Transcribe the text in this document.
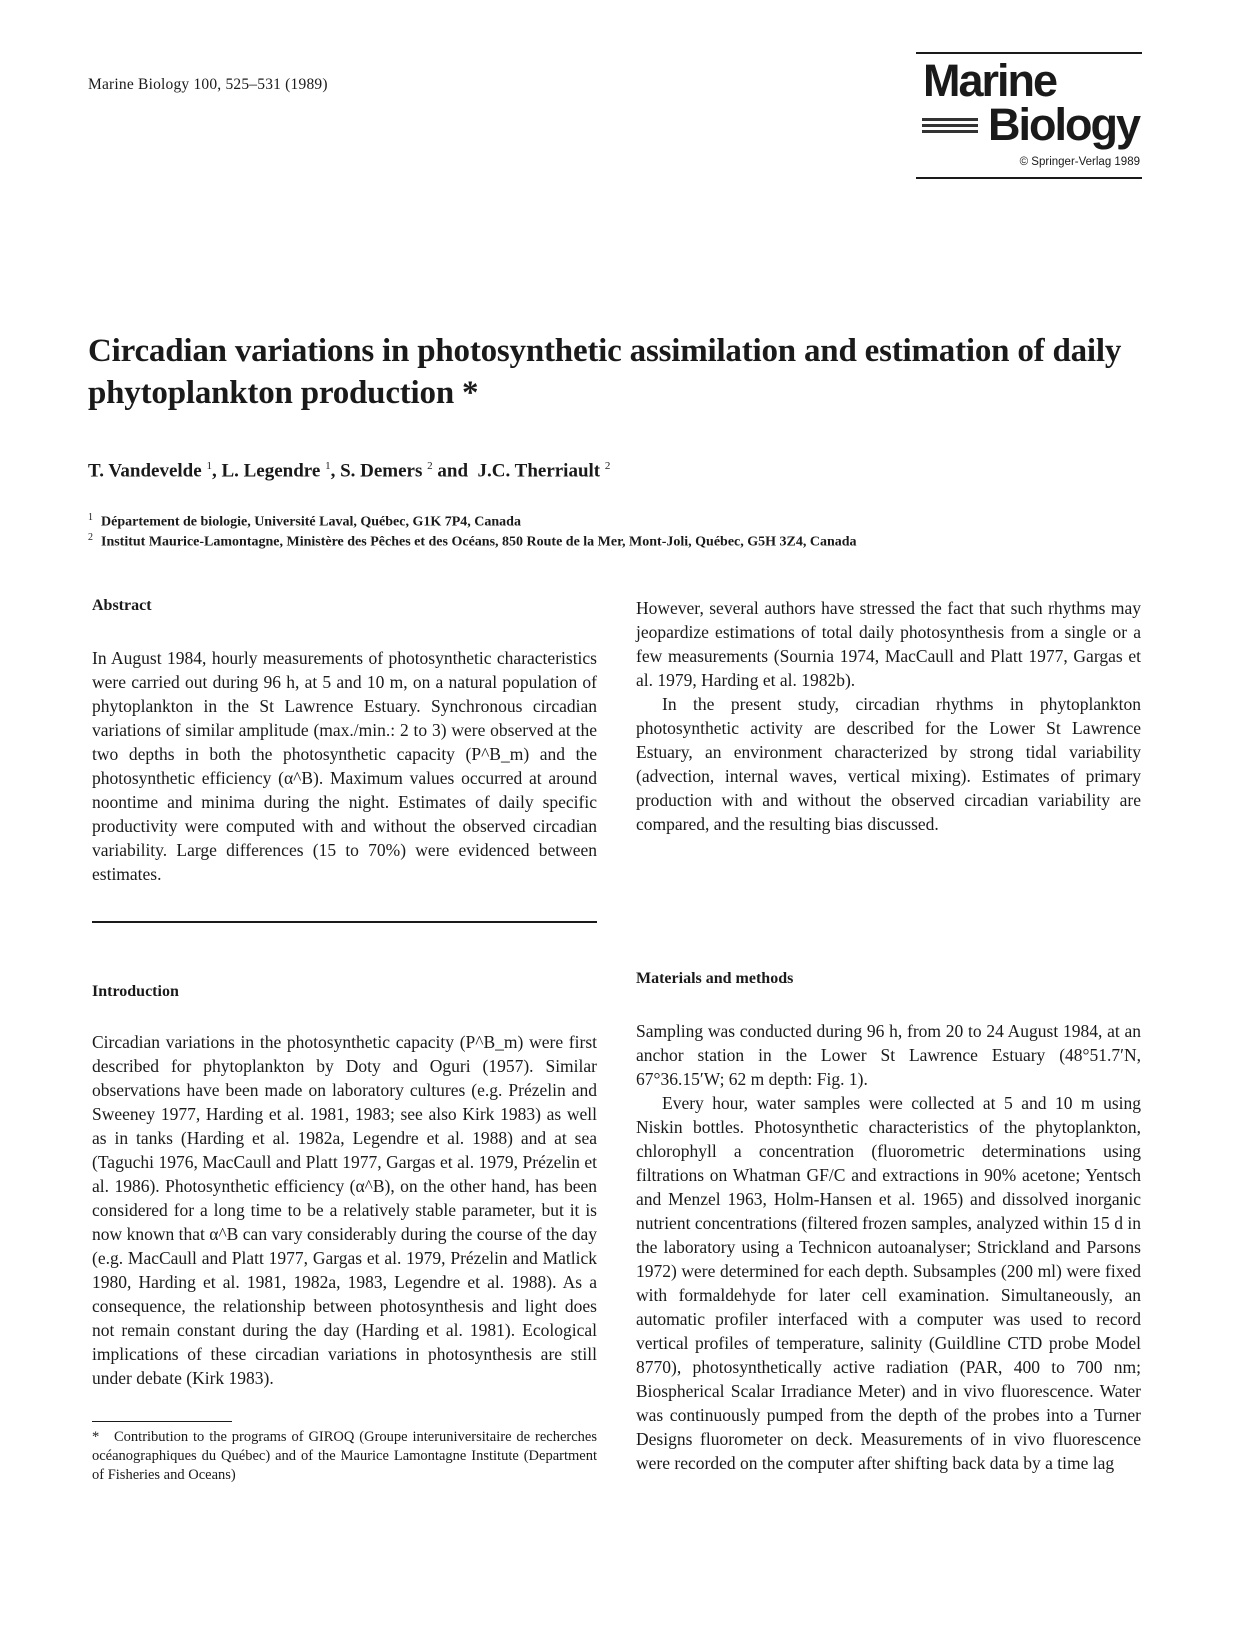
Marine Biology 100, 525–531 (1989)	Marine
Biology
© Springer-Verlag 1989
Circadian variations in photosynthetic assimilation and estimation of daily phytoplankton production *
T. Vandevelde $^1$, L. Legendre $^1$, S. Demers $^2$ and  J.C. Therriault $^2$
$^1$ Département de biologie, Université Laval, Québec, G1K 7P4, Canada
$^2$ Institut Maurice-Lamontagne, Ministère des Pêches et des Océans, 850 Route de la Mer, Mont-Joli, Québec, G5H 3Z4, Canada
Abstract
In August 1984, hourly measurements of photosynthetic characteristics were carried out during 96 h, at 5 and 10 m, on a natural population of phytoplankton in the St Lawrence Estuary. Synchronous circadian variations of similar amplitude (max./min.: 2 to 3) were observed at the two depths in both the photosynthetic capacity (P^B_m) and the photosynthetic efficiency (α^B). Maximum values occurred at around noontime and minima during the night. Estimates of daily specific productivity were computed with and without the observed circadian variability. Large differences (15 to 70%) were evidenced between estimates.
Introduction
Circadian variations in the photosynthetic capacity (P^B_m) were first described for phytoplankton by Doty and Oguri (1957). Similar observations have been made on laboratory cultures (e.g. Prézelin and Sweeney 1977, Harding et al. 1981, 1983; see also Kirk 1983) as well as in tanks (Harding et al. 1982a, Legendre et al. 1988) and at sea (Taguchi 1976, MacCaull and Platt 1977, Gargas et al. 1979, Prézelin et al. 1986). Photosynthetic efficiency (α^B), on the other hand, has been considered for a long time to be a relatively stable parameter, but it is now known that α^B can vary considerably during the course of the day (e.g. MacCaull and Platt 1977, Gargas et al. 1979, Prézelin and Matlick 1980, Harding et al. 1981, 1982a, 1983, Legendre et al. 1988). As a consequence, the relationship between photosynthesis and light does not remain constant during the day (Harding et al. 1981). Ecological implications of these circadian variations in photosynthesis are still under debate (Kirk 1983).
*	Contribution to the programs of GIROQ (Groupe interuniversitaire de recherches océanographiques du Québec) and of the Maurice Lamontagne Institute (Department of Fisheries and Oceans)

However, several authors have stressed the fact that such rhythms may jeopardize estimations of total daily photosynthesis from a single or a few measurements (Sournia 1974, MacCaull and Platt 1977, Gargas et al. 1979, Harding et al. 1982b).

In the present study, circadian rhythms in phytoplankton photosynthetic activity are described for the Lower St Lawrence Estuary, an environment characterized by strong tidal variability (advection, internal waves, vertical mixing). Estimates of primary production with and without the observed circadian variability are compared, and the resulting bias discussed.

Materials and methods

Sampling was conducted during 96 h, from 20 to 24 August 1984, at an anchor station in the Lower St Lawrence Estuary (48°51.7′N, 67°36.15′W; 62 m depth: Fig. 1).

Every hour, water samples were collected at 5 and 10 m using Niskin bottles. Photosynthetic characteristics of the phytoplankton, chlorophyll a concentration (fluorometric determinations using filtrations on Whatman GF/C and extractions in 90% acetone; Yentsch and Menzel 1963, Holm-Hansen et al. 1965) and dissolved inorganic nutrient concentrations (filtered frozen samples, analyzed within 15 d in the laboratory using a Technicon autoanalyser; Strickland and Parsons 1972) were determined for each depth. Subsamples (200 ml) were fixed with formaldehyde for later cell examination. Simultaneously, an automatic profiler interfaced with a computer was used to record vertical profiles of temperature, salinity (Guildline CTD probe Model 8770), photosynthetically active radiation (PAR, 400 to 700 nm; Biospherical Scalar Irradiance Meter) and in vivo fluorescence. Water was continuously pumped from the depth of the probes into a Turner Designs fluorometer on deck. Measurements of in vivo fluorescence were recorded on the computer after shifting back data by a time lag
